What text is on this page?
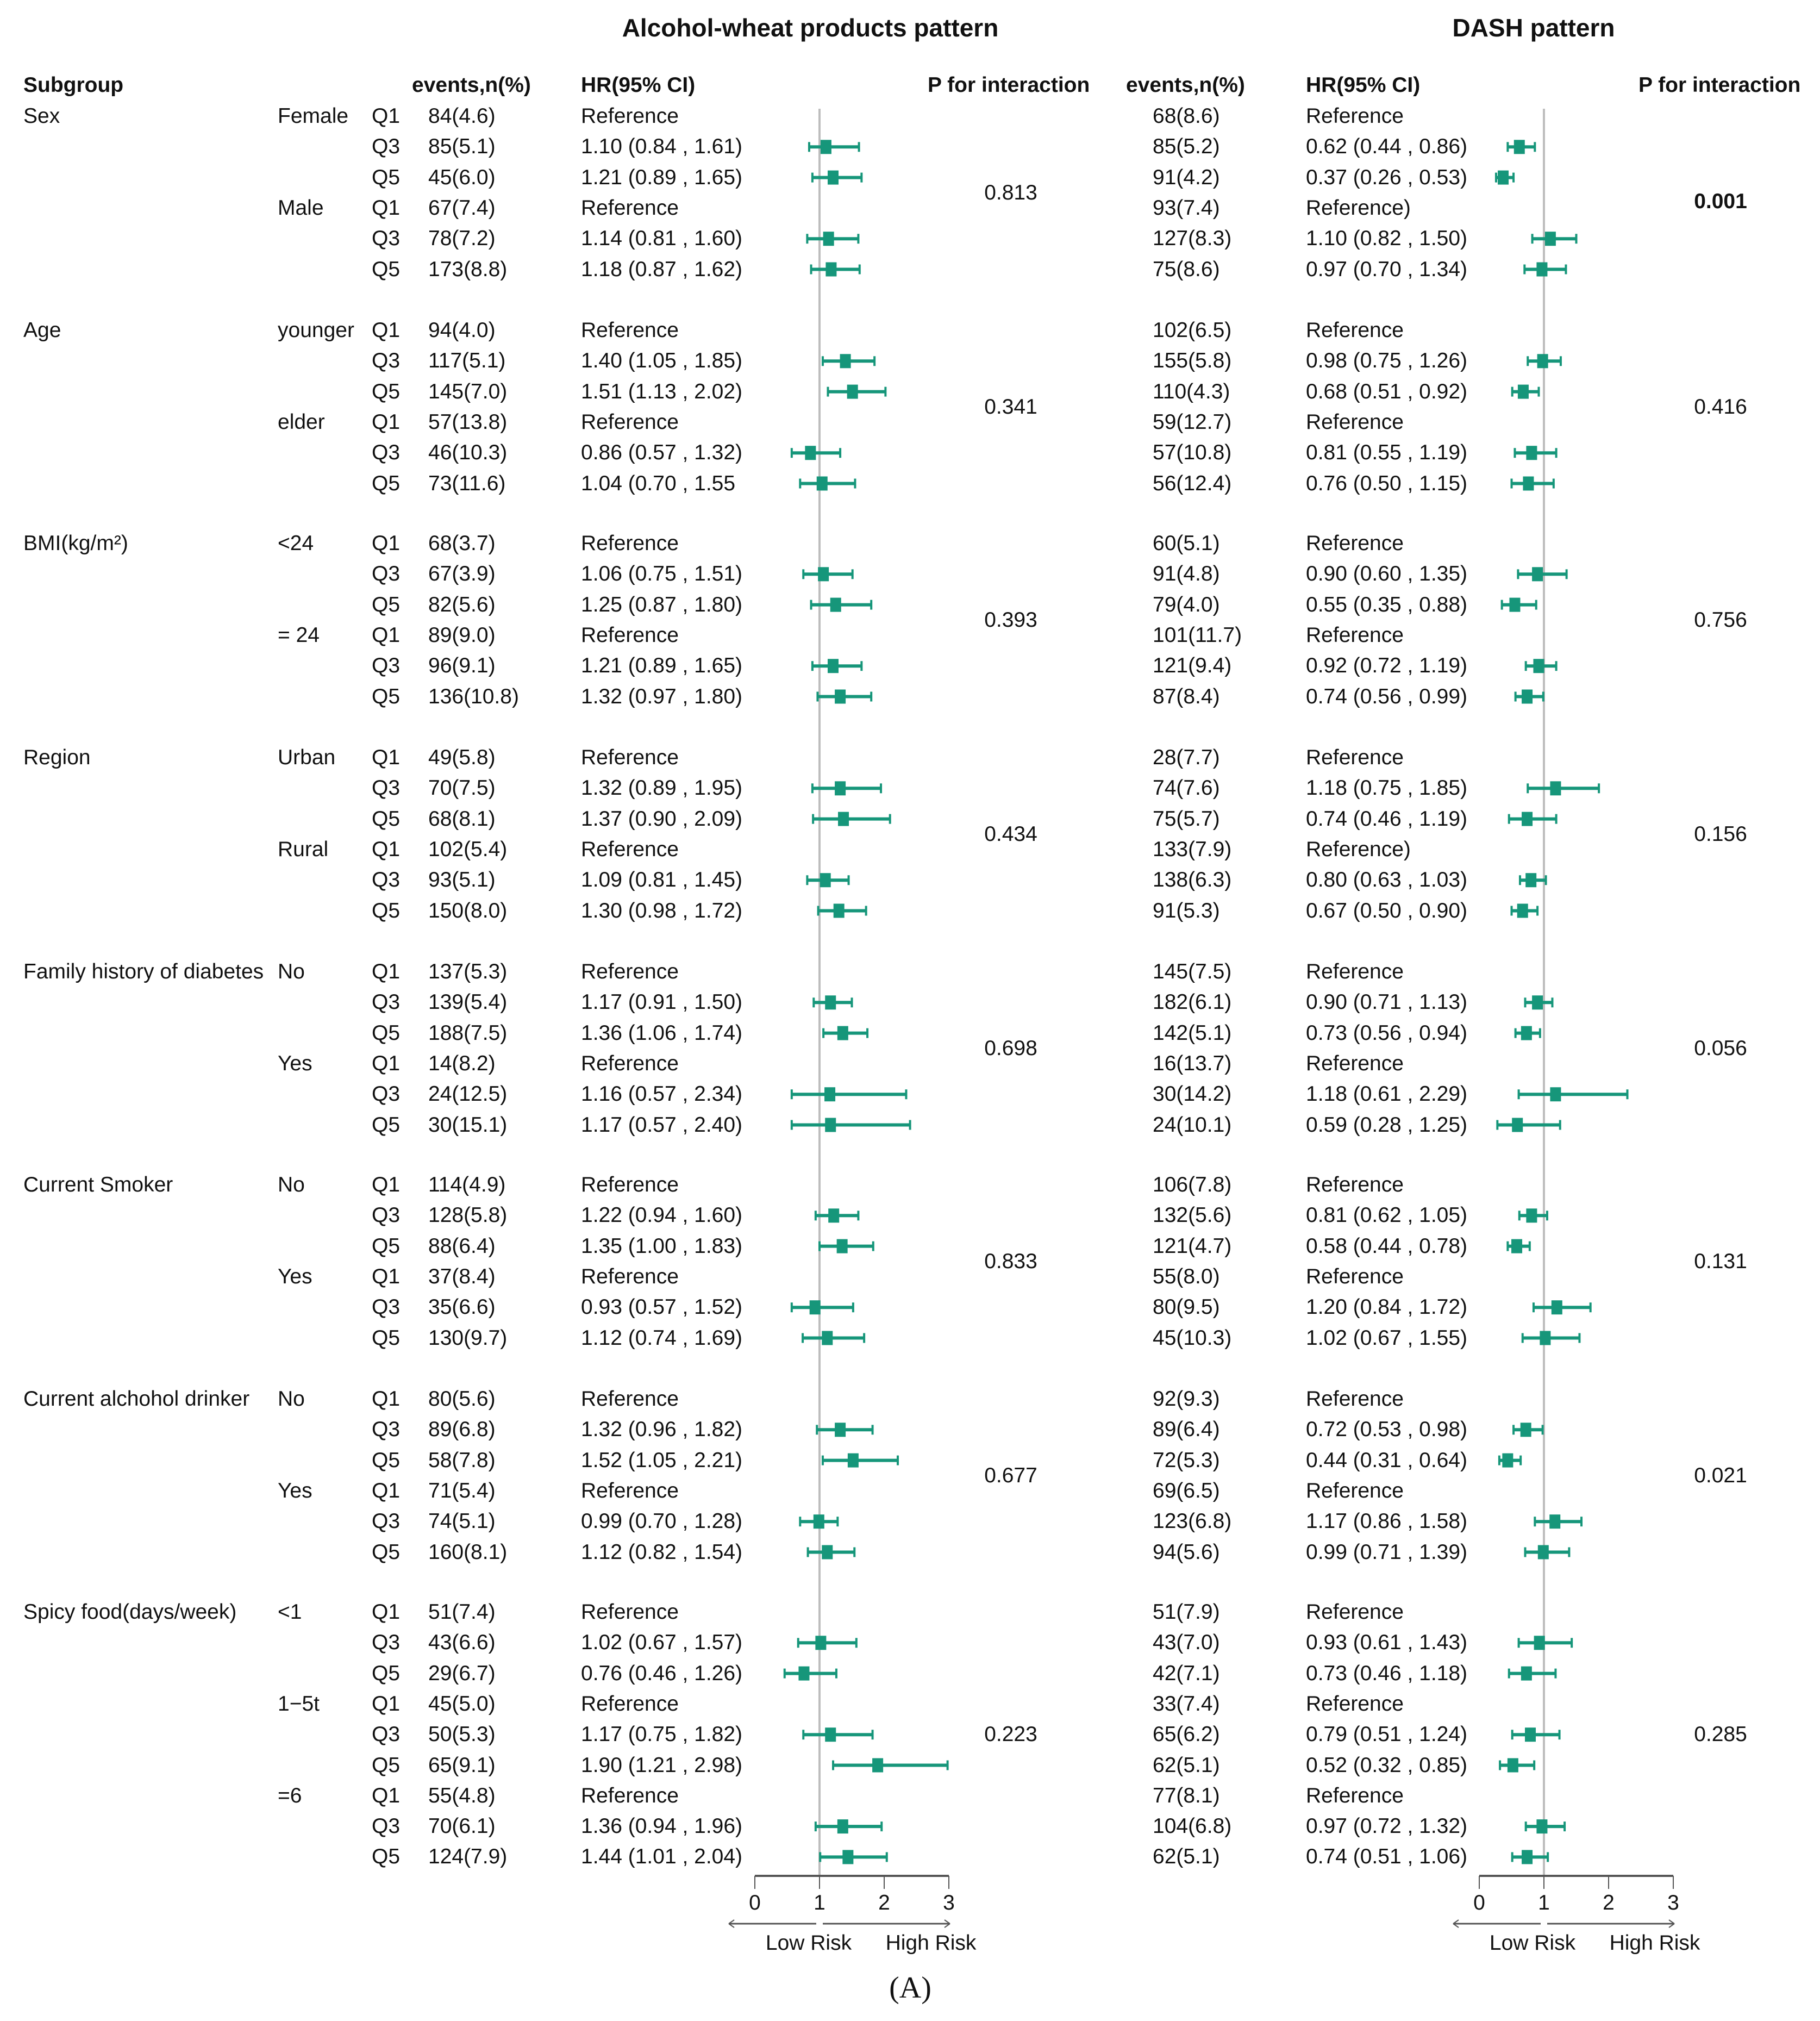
Alcohol-wheat products pattern	DASH pattern
Subgroup	events,n(%) HR(95% CI)	P for interaction events,n(%)	HR(95% CI)	P for interaction
Sex	Female Q1 84(4.6)	Reference	68(8.6)	Reference
Q3 85(5.1)	1.10 (0.84 , 1.61)	85(5.2)	0.62 (0.44 , 0.86)
Q5 45(6.0)	1.21 (0.89 , 1.65)	91(4.2)	0.37 (0.26 , 0.53)
Male Q1 67(7.4)	Reference	93(7.4)	Reference)
Q3 78(7.2)	1.14 (0.81 , 1.60)	127(8.3)	1.10 (0.82 , 1.50)
Q5 173(8.8)	1.18 (0.87 , 1.62)	75(8.6)	0.97 (0.70 , 1.34)
0.813	0.001
Age	younger Q1 94(4.0)	Reference	102(6.5)	Reference
Q3 117(5.1)	1.40 (1.05 , 1.85)	155(5.8)	0.98 (0.75 , 1.26)
Q5 145(7.0)	1.51 (1.13 , 2.02)	110(4.3)	0.68 (0.51 , 0.92)
elder Q1 57(13.8)	Reference	59(12.7)	Reference
Q3 46(10.3)	0.86 (0.57 , 1.32)	57(10.8)	0.81 (0.55 , 1.19)
Q5 73(11.6)	1.04 (0.70 , 1.55	56(12.4)	0.76 (0.50 , 1.15)
0.341	0.416
BMI(kg/m²)	<24	Q1 68(3.7)	Reference	60(5.1)	Reference
Q3 67(3.9)	1.06 (0.75 , 1.51)	91(4.8)	0.90 (0.60 , 1.35)
Q5 82(5.6)	1.25 (0.87 , 1.80)	79(4.0)	0.55 (0.35 , 0.88)
= 24 Q1 89(9.0)	Reference	101(11.7)	Reference
Q3 96(9.1)	1.21 (0.89 , 1.65)	121(9.4)	0.92 (0.72 , 1.19)
Q5 136(10.8)	1.32 (0.97 , 1.80)	87(8.4)	0.74 (0.56 , 0.99)
0.393	0.756
Region	Urban Q1 49(5.8)	Reference	28(7.7)	Reference
Q3 70(7.5)	1.32 (0.89 , 1.95)	74(7.6)	1.18 (0.75 , 1.85)
Q5 68(8.1)	1.37 (0.90 , 2.09)	75(5.7)	0.74 (0.46 , 1.19)
Rural Q1 102(5.4)	Reference	133(7.9)	Reference)
Q3 93(5.1)	1.09 (0.81 , 1.45)	138(6.3)	0.80 (0.63 , 1.03)
Q5 150(8.0)	1.30 (0.98 , 1.72)	91(5.3)	0.67 (0.50 , 0.90)
0.434	0.156
Family history of diabetes No	Q1 137(5.3)	Reference	145(7.5)	Reference
Q3 139(5.4)	1.17 (0.91 , 1.50)	182(6.1)	0.90 (0.71 , 1.13)
Q5 188(7.5)	1.36 (1.06 , 1.74)	142(5.1)	0.73 (0.56 , 0.94)
Yes	Q1 14(8.2)	Reference	16(13.7)	Reference
Q3 24(12.5)	1.16 (0.57 , 2.34)	30(14.2)	1.18 (0.61 , 2.29)
Q5 30(15.1)	1.17 (0.57 , 2.40)	24(10.1)	0.59 (0.28 , 1.25)
0.698	0.056
Current Smoker	No	Q1 114(4.9)	Reference	106(7.8)	Reference
Q3 128(5.8)	1.22 (0.94 , 1.60)	132(5.6)	0.81 (0.62 , 1.05)
Q5 88(6.4)	1.35 (1.00 , 1.83)	121(4.7)	0.58 (0.44 , 0.78)
Yes	Q1 37(8.4)	Reference	55(8.0)	Reference
Q3 35(6.6)	0.93 (0.57 , 1.52)	80(9.5)	1.20 (0.84 , 1.72)
Q5 130(9.7)	1.12 (0.74 , 1.69)	45(10.3)	1.02 (0.67 , 1.55)
0.833	0.131
Current alchohol drinker No	Q1 80(5.6)	Reference	92(9.3)	Reference
Q3 89(6.8)	1.32 (0.96 , 1.82)	89(6.4)	0.72 (0.53 , 0.98)
Q5 58(7.8)	1.52 (1.05 , 2.21)	72(5.3)	0.44 (0.31 , 0.64)
Yes	Q1 71(5.4)	Reference	69(6.5)	Reference
Q3 74(5.1)	0.99 (0.70 , 1.28)	123(6.8)	1.17 (0.86 , 1.58)
Q5 160(8.1)	1.12 (0.82 , 1.54)	94(5.6)	0.99 (0.71 , 1.39)
0.677	0.021
Spicy food(days/week) <1	Q1 51(7.4)	Reference	51(7.9)	Reference
Q3 43(6.6)	1.02 (0.67 , 1.57)	43(7.0)	0.93 (0.61 , 1.43)
Q5 29(6.7)	0.76 (0.46 , 1.26)	42(7.1)	0.73 (0.46 , 1.18)
1−5t Q1 45(5.0)	Reference	33(7.4)	Reference
Q3 50(5.3)	1.17 (0.75 , 1.82)	65(6.2)	0.79 (0.51 , 1.24)
Q5 65(9.1)	1.90 (1.21 , 2.98)	62(5.1)	0.52 (0.32 , 0.85)
=6	Q1 55(4.8)	Reference	77(8.1)	Reference
Q3 70(6.1)	1.36 (0.94 , 1.96)	104(6.8)	0.97 (0.72 , 1.32)
Q5 124(7.9)	1.44 (1.01 , 2.04)	62(5.1)	0.74 (0.51 , 1.06)
0.223	0.285
0 1 2 3	0 1 2 3
Low Risk High Risk	Low Risk High Risk
(A)
